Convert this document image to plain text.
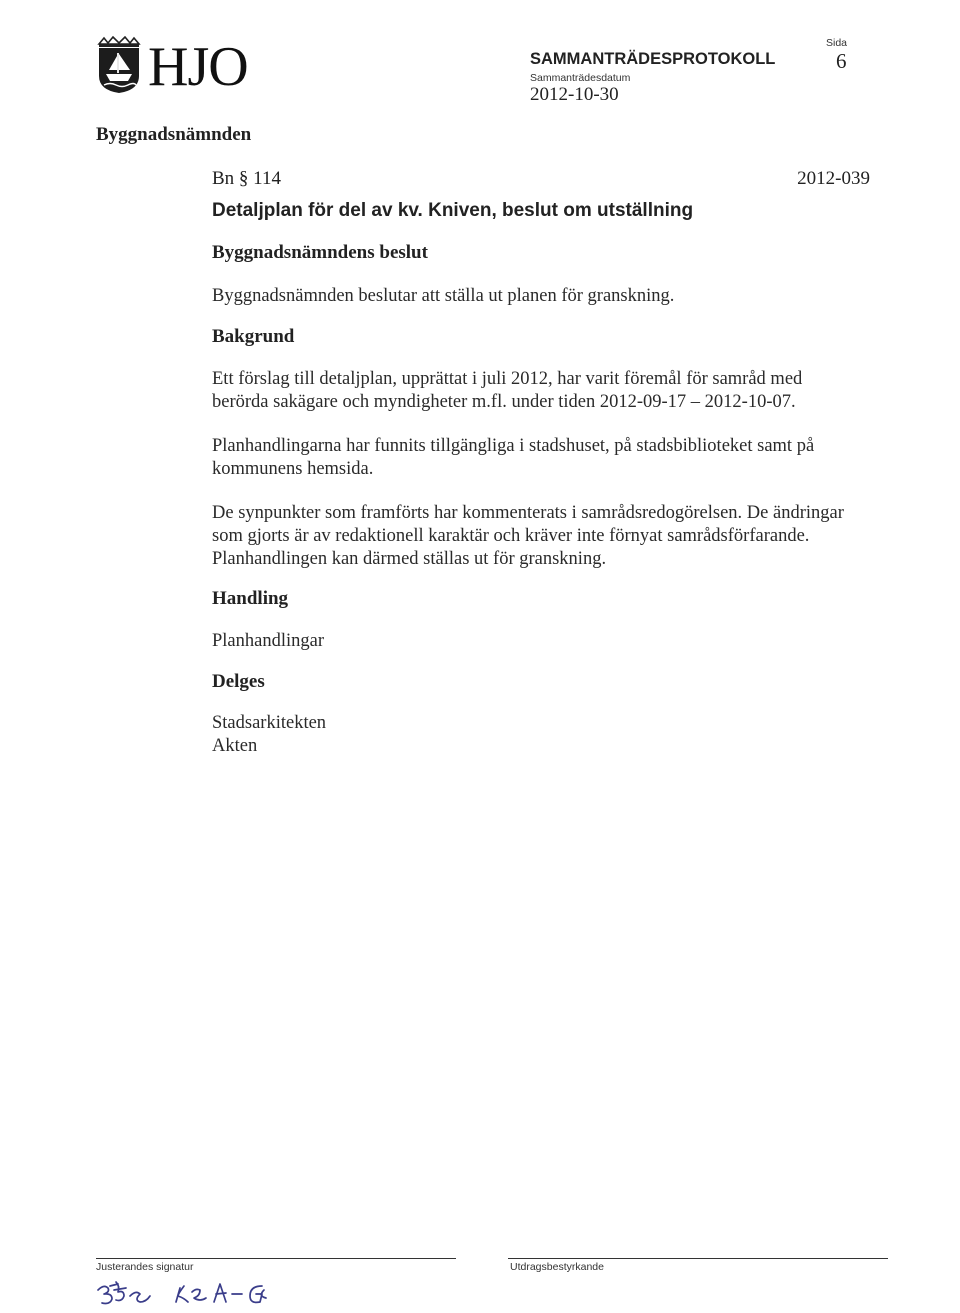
HJO	SAMMANTRÄDESPROTOKOLL
Sammanträdesdatum
2012-10-30
Sida
6
Byggnadsnämnden
Bn § 114	2012-039
Detaljplan för del av kv. Kniven, beslut om utställning
Byggnadsnämndens beslut
Byggnadsnämnden beslutar att ställa ut planen för granskning.
Bakgrund
Ett förslag till detaljplan, upprättat i juli 2012, har varit föremål för samråd med berörda sakägare och myndigheter m.fl. under tiden 2012-09-17 – 2012-10-07.
Planhandlingarna har funnits tillgängliga i stadshuset, på stadsbiblioteket samt på kommunens hemsida.
De synpunkter som framförts har kommenterats i samrådsredogörelsen. De ändringar som gjorts är av redaktionell karaktär och kräver inte förnyat samrådsförfarande. Planhandlingen kan därmed ställas ut för granskning.
Handling
Planhandlingar
Delges
Stadsarkitekten
Akten
Justerandes signatur	Utdragsbestyrkande
